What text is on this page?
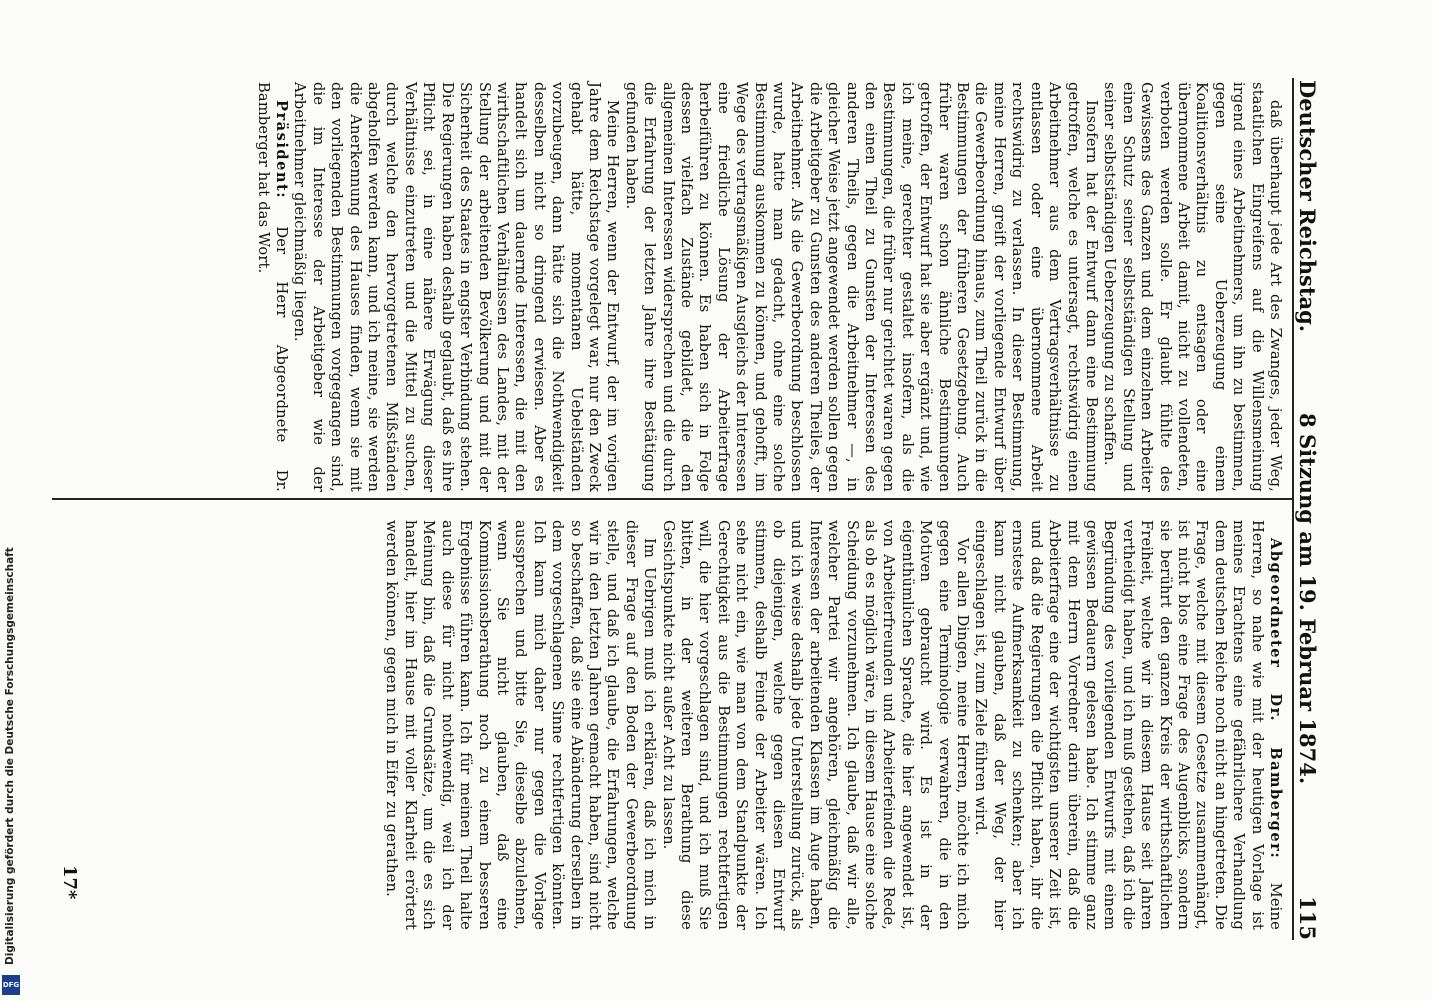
Deutscher Reichstag.
8
Sitzung am 19. Februar 1874.
115

daß überhaupt jede Art des Zwanges, jeder Weg, staatlichen Eingreifens auf die Willensmeinung irgend eines Arbeitnehmers, um ihn zu bestimmen, gegen seine Ueberzeugung einem Koalitionsverhältnis zu entsagen oder eine übernommene Arbeit damit, nicht zu vollendeten, verboten werden solle. Er glaubt fühlte des Gewissens des Ganzen und dem einzelnen Arbeiter einen Schutz seiner selbstständigen Stellung und seiner selbstständigen Ueberzeugung zu schaffen.

Insofern hat der Entwurf dann eine Bestimmung getroffen, welche es untersagt, rechtswidrig einen Arbeitnehmer aus dem Vertragsverhältnisse zu entlassen oder eine übernommene Arbeit rechtswidrig zu verlassen. In dieser Bestimmung, meine Herren, greift der vorliegende Entwurf über die Gewerbeordnung hinaus, zum Theil zurück in die Bestimmungen der früheren Gesetzgebung. Auch früher waren schon ähnliche Bestimmungen getroffen, der Entwurf hat sie aber ergänzt und, wie ich meine, gerechter gestaltet insofern, als die Bestimmungen, die früher nur gerichtet waren gegen den einen Theil zu Gunsten der Interessen des anderen Theils, gegen die Arbeitnehmer —, in gleicher Weise jetzt angewendet werden sollen gegen die Arbeitgeber zu Gunsten des anderen Theiles, der Arbeitnehmer. Als die Gewerbeordnung beschlossen wurde, hatte man gedacht, ohne eine solche Bestimmung auskommen zu können, und gehofft, im Wege des vertragsmäßigen Ausgleichs der Interessen eine friedliche Lösung der Arbeiterfrage herbeiführen zu können. Es haben sich in Folge dessen vielfach Zustände gebildet, die den allgemeinen Interessen widersprechen und die durch die Erfahrung der letzten Jahre ihre Bestätigung gefunden haben.

Meine Herren, wenn der Entwurf, der im vorigen Jahre dem Reichstage vorgelegt war, nur den Zweck gehabt hätte, momentanen Uebelständen vorzubeugen, dann hätte sich die Nothwendigkeit desselben nicht so dringend erwiesen. Aber es handelt sich um dauernde Interessen, die mit den wirthschaftlichen Verhältnissen des Landes, mit der Stellung der arbeitenden Bevölkerung und mit der Sicherheit des Staates in engster Verbindung stehen. Die Regierungen haben deshalb geglaubt, daß es ihre Pflicht sei, in eine nähere Erwägung dieser Verhältnisse einzutreten und die Mittel zu suchen, durch welche den hervorgetretenen Mißständen abgeholfen werden kann, und ich meine, sie werden die Anerkennung des Hauses finden, wenn sie mit den vorliegenden Bestimmungen vorgegangen sind, die im Interesse der Arbeitgeber wie der Arbeitnehmer gleichmäßig liegen.

Präsident: Der Herr Abgeordnete Dr. Bamberger hat das Wort.

Abgeordneter Dr. Bamberger: Meine Herren, so nahe wie mit der heutigen Vorlage ist meines Erachtens eine gefährlichere Verhandlung dem deutschen Reiche noch nicht an hingetreten. Die Frage, welche mit diesem Gesetze zusammenhängt, ist nicht blos eine Frage des Augenblicks, sondern sie berührt den ganzen Kreis der wirthschaftlichen Freiheit, welche wir in diesem Hause seit Jahren vertheidigt haben, und ich muß gestehen, daß ich die Begründung des vorliegenden Entwurfs mit einem gewissen Bedauern gelesen habe. Ich stimme ganz mit dem Herrn Vorredner darin überein, daß die Arbeiterfrage eine der wichtigsten unserer Zeit ist, und daß die Regierungen die Pflicht haben, ihr die ernsteste Aufmerksamkeit zu schenken; aber ich kann nicht glauben, daß der Weg, der hier eingeschlagen ist, zum Ziele führen wird.

Vor allen Dingen, meine Herren, möchte ich mich gegen eine Terminologie verwahren, die in den Motiven gebraucht wird. Es ist in der eigenthümlichen Sprache, die hier angewendet ist, von Arbeiterfreunden und Arbeiterfeinden die Rede, als ob es möglich wäre, in diesem Hause eine solche Scheidung vorzunehmen. Ich glaube, daß wir alle, welcher Partei wir angehören, gleichmäßig die Interessen der arbeitenden Klassen im Auge haben, und ich weise deshalb jede Unterstellung zurück, als ob diejenigen, welche gegen diesen Entwurf stimmen, deshalb Feinde der Arbeiter wären. Ich sehe nicht ein, wie man von dem Standpunkte der Gerechtigkeit aus die Bestimmungen rechtfertigen will, die hier vorgeschlagen sind, und ich muß Sie bitten, in der weiteren Berathung diese Gesichtspunkte nicht außer Acht zu lassen.

Im Uebrigen muß ich erklären, daß ich mich in dieser Frage auf den Boden der Gewerbeordnung stelle, und daß ich glaube, die Erfahrungen, welche wir in den letzten Jahren gemacht haben, sind nicht so beschaffen, daß sie eine Abänderung derselben in dem vorgeschlagenen Sinne rechtfertigen könnten. Ich kann mich daher nur gegen die Vorlage aussprechen und bitte Sie, dieselbe abzulehnen, wenn Sie nicht glauben, daß eine Kommissionsberathung noch zu einem besseren Ergebnisse führen kann. Ich für meinen Theil halte auch diese für nicht nothwendig, weil ich der Meinung bin, daß die Grundsätze, um die es sich handelt, hier im Hause mit voller Klarheit erörtert werden können, gegen mich in Eifer zu gerathen.

17*
DFG
Digitalisierung gefördert durch die Deutsche Forschungsgemeinschaft
